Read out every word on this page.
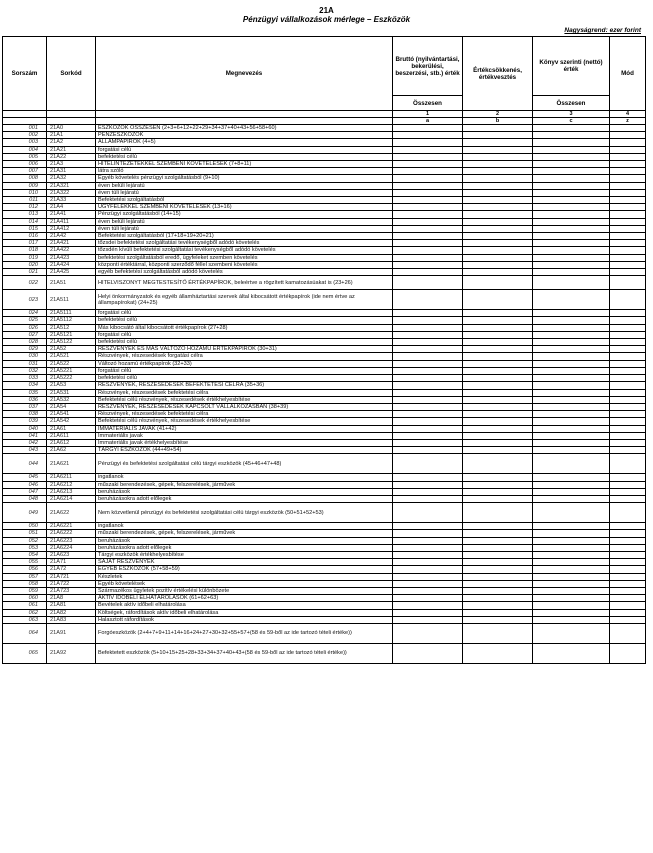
21A
Pénzügyi vállalkozások mérlege – Eszközök
Nagyságrend: ezer forint
Sorszám	Sorkód	Megnevezés	Bruttó (nyilvántartási, bekerülési, beszerzési, stb.) érték	Értékcsökkenés, értékvesztés	Könyv szerinti (nettó) érték	Mód
			Összesen		Összesen	
			1	2	3	4
			a	b	c	z
001	21A0	ESZKÖZÖK ÖSSZESEN (2+3+6+12+22+29+34+37+40+43+56+58+60)				
002	21A1	PÉNZESZKÖZÖK				
003	21A2	ÁLLAMPAPÍROK (4+5)				
004	21A21	forgatási célú				
005	21A22	befektetési célú				
006	21A3	HITELINTÉZETEKKEL SZEMBENI KÖVETELÉSEK (7+8+11)				
007	21A31	látra szóló				
008	21A32	Egyéb követelés pénzügyi szolgáltatásból (9+10)				
009	21A321	éven belüli lejáratú				
010	21A322	éven túli lejáratú				
011	21A33	Befektetési szolgáltatásból				
012	21A4	ÜGYFELEKKEL SZEMBENI KÖVETELÉSEK (13+16)				
013	21A41	Pénzügyi szolgáltatásból (14+15)				
014	21A411	éven belüli lejáratú				
015	21A412	éven túli lejáratú				
016	21A42	Befektetési szolgáltatásból (17+18+19+20+21)				
017	21A421	tőzsdei befektetési szolgáltatási tevékenységből adódó követelés				
018	21A422	tőzsdén kívüli befektetési szolgáltatási tevékenységből adódó követelés				
019	21A423	befektetési szolgáltatásból eredő, ügyfeleket szemben követelés				
020	21A424	központi értéktárral, központi szerződő féllel szembeni követelés				
021	21A425	egyéb befektetési szolgáltatásból adódó követelés				
022	21A51	HITELVISZONYT MEGTESTESÍTŐ ÉRTÉKPAPÍROK, beleértve a rögzített kamatozásúakat is (23+26)				
023	21A511	Helyi önkormányzatok és egyéb államháztartási szervek által kibocsátott értékpapírok (ide nem értve az állampapírokat) (24+25)				
024	21A5111	forgatási célú				
025	21A5112	befektetési célú				
026	21A512	Más kibocsátó által kibocsátott értékpapírok (27+28)				
027	21A5121	forgatási célú				
028	21A5122	befektetési célú				
029	21A52	RÉSZVÉNYEK ÉS MÁS VÁLTOZÓ HOZAMÚ ÉRTÉKPAPÍROK (30+31)				
030	21A521	Részvények, részesedések forgatási célra				
031	21A522	Változó hozamú értékpapírok (32+33)				
032	21A5221	forgatási célú				
033	21A5222	befektetési célú				
034	21A53	RÉSZVÉNYEK, RÉSZESEDÉSEK BEFEKTETÉSI CÉLRA (35+36)				
035	21A531	Részvények, részesedések befektetési célra				
036	21A532	Befektetési célú részvények, részesedések értékhelyesbítése				
037	21A54	RÉSZVÉNYEK, RÉSZESEDÉSEK KAPCSOLT VÁLLALKOZÁSBAN (38+39)				
038	21A541	Részvények, részesedések befektetési célra				
039	21A542	Befektetési célú részvények, részesedések értékhelyesbítése				
040	21A61	IMMATERIÁLIS JAVAK (41+42)				
041	21A611	Immateriális javak				
042	21A612	Immateriális javak értékhelyesbítése				
043	21A62	TÁRGYI ESZKÖZÖK (44+49+54)				
044	21A621	Pénzügyi és befektetési szolgáltatási célú tárgyi eszközök (45+46+47+48)				
045	21A6211	ingatlanok				
046	21A6212	műszaki berendezések, gépek, felszerelések, járművek				
047	21A6213	beruházások				
048	21A6214	beruházásokra adott előlegek				
049	21A622	Nem közvetlenül pénzügyi és befektetési szolgáltatási célú tárgyi eszközök (50+51+52+53)				
050	21A6221	ingatlanok				
051	21A6222	műszaki berendezések, gépek, felszerelések, járművek				
052	21A6223	beruházások				
053	21A6224	beruházásokra adott előlegek				
054	21A623	Tárgyi eszközök értékhelyesbítése				
055	21A71	SAJÁT RÉSZVÉNYEK				
056	21A72	EGYÉB ESZKÖZÖK (57+58+59)				
057	21A721	Készletek				
058	21A722	Egyéb követelések				
059	21A723	Származékos ügyletek pozitív értékelési különbözete				
060	21A8	AKTÍV IDŐBELI ELHATÁROLÁSOK (61+62+63)				
061	21A81	Bevételek aktív időbeli elhatárolása				
062	21A82	Költségek, ráfordítások aktív időbeli elhatárolása				
063	21A83	Halasztott ráfordítások				
064	21A91	Forgóeszközök (2+4+7+9+11+14+16+24+27+30+32+55+57+(58 és 59-ből az ide tartozó tételi értéke))				
065	21A92	Befektetett eszközök (5+10+15+25+28+33+34+37+40+43+(58 és 59-ből az ide tartozó tételi értéke))				
